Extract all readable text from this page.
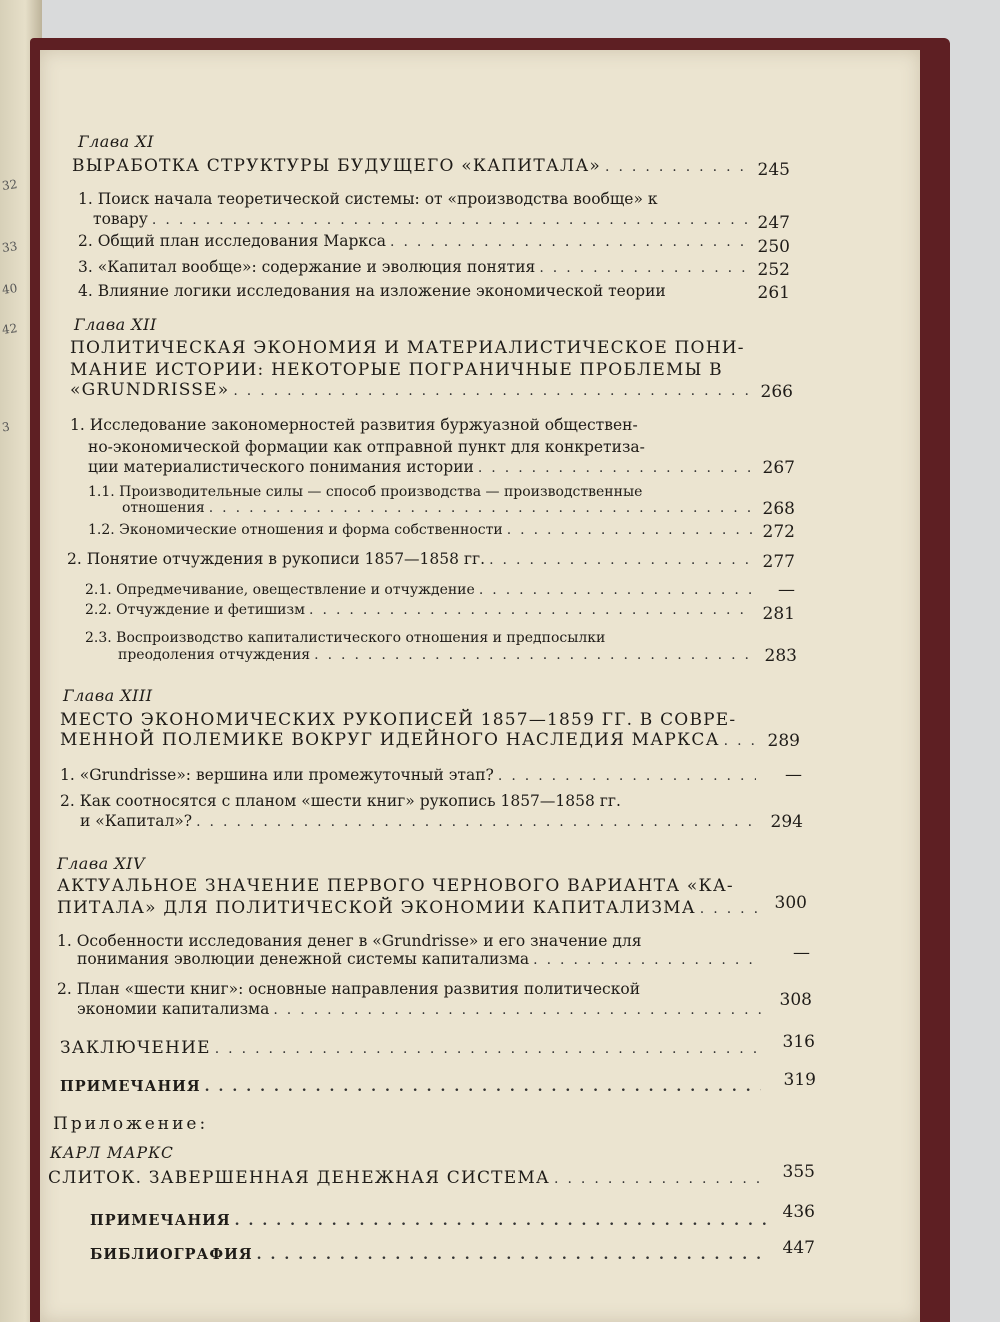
32
33
40
42
3
Глава XI
ВЫРАБОТКА СТРУКТУРЫ БУДУЩЕГО «КАПИТАЛА» .....	245
1. Поиск начала теоретической системы: от «производства вообще» к
товару .....	247
2. Общий план исследования Маркса .....	250
3. «Капитал вообще»: содержание и эволюция понятия .....	252
4. Влияние логики исследования на изложение экономической теории	261
Глава XII
ПОЛИТИЧЕСКАЯ ЭКОНОМИЯ И МАТЕРИАЛИСТИЧЕСКОЕ ПОНИ-
МАНИЕ ИСТОРИИ: НЕКОТОРЫЕ ПОГРАНИЧНЫЕ ПРОБЛЕМЫ В
«GRUNDRISSE» .....	266
1. Исследование закономерностей развития буржуазной обществен-
но-экономической формации как отправной пункт для конкретиза-
ции материалистического понимания истории .....	267
1.1. Производительные силы — способ производства — производственные
отношения .....	268
1.2. Экономические отношения и форма собственности .....	272
2. Понятие отчуждения в рукописи 1857—1858 гг. .....	277
2.1. Опредмечивание, овеществление и отчуждение .....	—
2.2. Отчуждение и фетишизм .....	281
2.3. Воспроизводство капиталистического отношения и предпосылки
преодоления отчуждения .....	283
Глава XIII
МЕСТО ЭКОНОМИЧЕСКИХ РУКОПИСЕЙ 1857—1859 ГГ. В СОВРЕ-
МЕННОЙ ПОЛЕМИКЕ ВОКРУГ ИДЕЙНОГО НАСЛЕДИЯ МАРКСА .....	289
1. «Grundrisse»: вершина или промежуточный этап? .....	—
2. Как соотносятся с планом «шести книг» рукопись 1857—1858 гг.
и «Капитал»? .....	294
Глава XIV
АКТУАЛЬНОЕ ЗНАЧЕНИЕ ПЕРВОГО ЧЕРНОВОГО ВАРИАНТА «КА-
ПИТАЛА» ДЛЯ ПОЛИТИЧЕСКОЙ ЭКОНОМИИ КАПИТАЛИЗМА .....	300
1. Особенности исследования денег в «Grundrisse» и его значение для
понимания эволюции денежной системы капитализма .....	—
2. План «шести книг»: основные направления развития политической
экономии капитализма .....	308
ЗАКЛЮЧЕНИЕ .....	316
ПРИМЕЧАНИЯ .....	319
Приложение:
КАРЛ МАРКС
СЛИТОК. ЗАВЕРШЕННАЯ ДЕНЕЖНАЯ СИСТЕМА .....	355
ПРИМЕЧАНИЯ .....	436
БИБЛИОГРАФИЯ .....	447
